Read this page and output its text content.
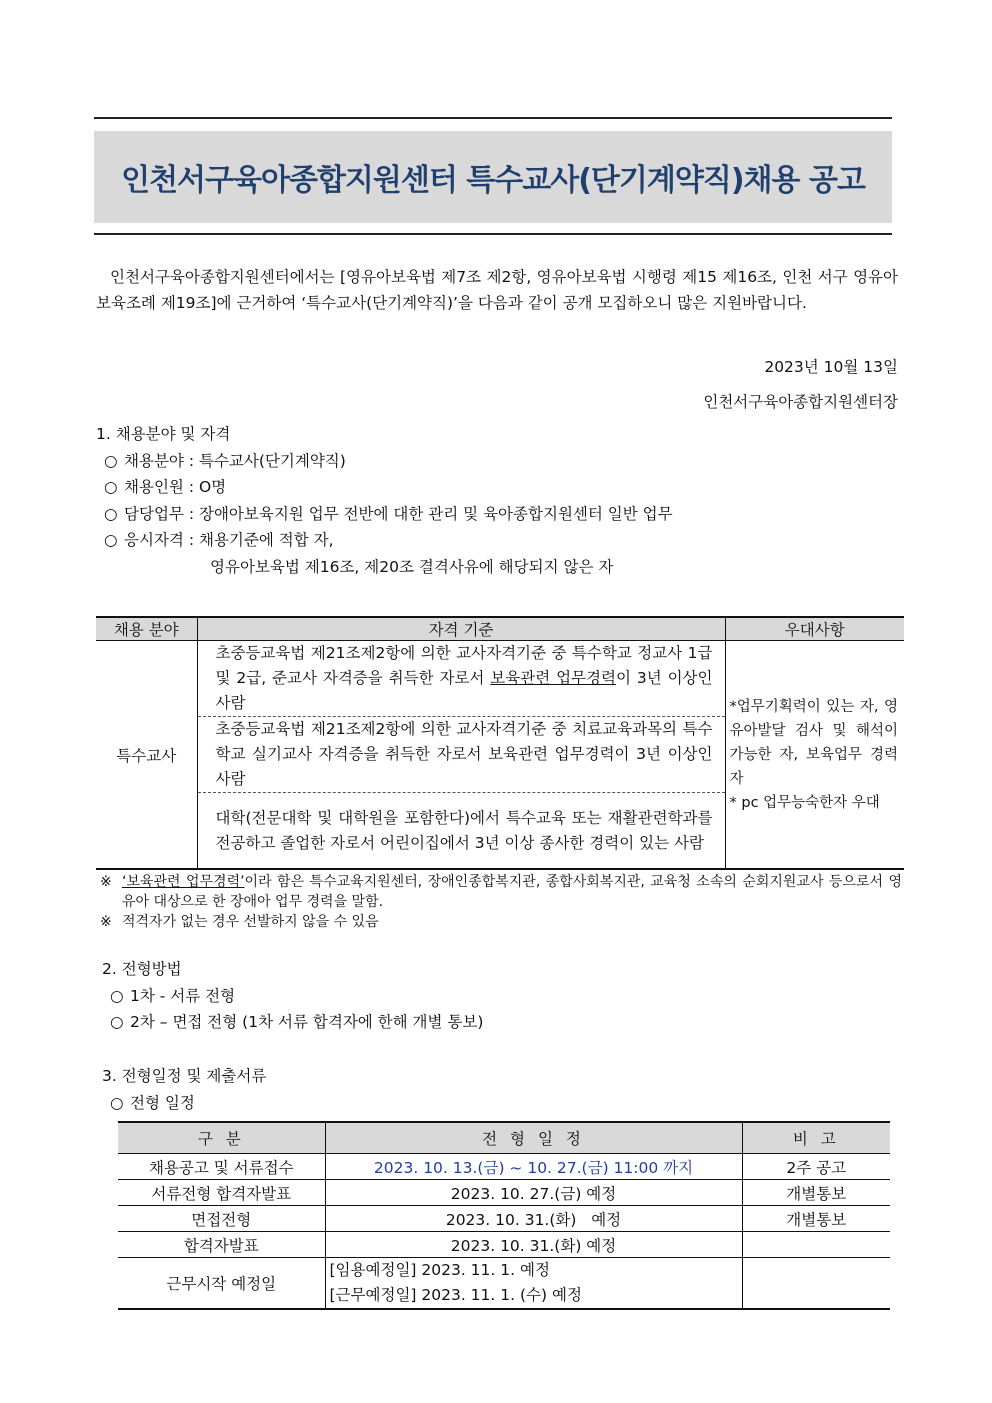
인천서구육아종합지원센터 특수교사(단기계약직)채용 공고

인천서구육아종합지원센터에서는 [영유아보육법 제7조 제2항, 영유아보육법 시행령 제15 제16조, 인천 서구 영유아 보육조례 제19조]에 근거하여 ‘특수교사(단기계약직)’을 다음과 같이 공개 모집하오니 많은 지원바랍니다.

2023년 10월 13일
인천서구육아종합지원센터장
1. 채용분야 및 자격
○ 채용분야 : 특수교사(단기계약직)
○ 채용인원 : O명
○ 담당업무 : 장애아보육지원 업무 전반에 대한 관리 및 육아종합지원센터 일반 업무
○ 응시자격 : 채용기준에 적합 자,
영유아보육법 제16조, 제20조 결격사유에 해당되지 않은 자
채용 분야	자격 기준	우대사항
특수교사	초중등교육법 제21조제2항에 의한 교사자격기준 중 특수학교 정교사 1급 및 2급, 준교사 자격증을 취득한 자로서 보육관련 업무경력이 3년 이상인 사람	*업무기획력이 있는 자, 영유아발달 검사 및 해석이 가능한 자, 보육업무 경력자
* pc 업무능숙한자 우대

	초중등교육법 제21조제2항에 의한 교사자격기준 중 치료교육과목의 특수학교 실기교사 자격증을 취득한 자로서 보육관련 업무경력이 3년 이상인 사람	
	대학(전문대학 및 대학원을 포함한다)에서 특수교육 또는 재활관련학과를 전공하고 졸업한 자로서 어린이집에서 3년 이상 종사한 경력이 있는 사람	
※ ‘보육관련 업무경력’이라 함은 특수교육지원센터, 장애인종합복지관, 종합사회복지관, 교육청 소속의 순회지원교사 등으로서 영유아 대상으로 한 장애아 업무 경력을 말함.
※ 적격자가 없는 경우 선발하지 않을 수 있음
2. 전형방법
○ 1차 - 서류 전형
○ 2차 – 면접 전형 (1차 서류 합격자에 한해 개별 통보)
3. 전형일정 및 제출서류
○ 전형 일정
구 분	전 형 일 정	비 고
채용공고 및 서류접수	2023. 10. 13.(금) ~ 10. 27.(금) 11:00 까지	2주 공고
서류전형 합격자발표	2023. 10. 27.(금) 예정	개별통보
면접전형	2023. 10. 31.(화)   예정	개별통보
합격자발표	2023. 10. 31.(화) 예정	
근무시작 예정일	[임용예정일] 2023. 11. 1. 예정
[근무예정일] 2023. 11. 1. (수) 예정	
